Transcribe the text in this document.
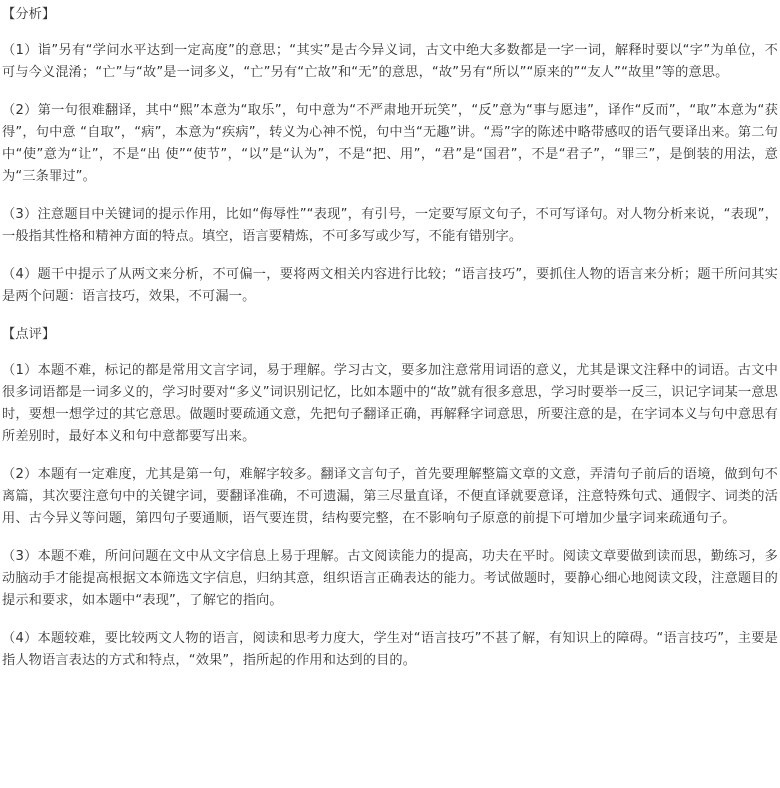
【分析】

（1）诣”另有“学问水平达到一定高度”的意思；“其实”是古今异义词，古文中绝大多数都是一字一词，解释时要以“字”为单位，不可与今义混淆；“亡”与“故”是一词多义，“亡”另有“亡故”和“无”的意思，“故”另有“所以”“原来的”“友人”“故里”等的意思。

（2）第一句很难翻译，其中“熙”本意为“取乐”，句中意为“不严肃地开玩笑”，“反”意为“事与愿违”，译作“反而”，“取”本意为“获得”，句中意 “自取”，“病”，本意为“疾病”，转义为心神不悦，句中当“无趣”讲。“焉”字的陈述中略带感叹的语气要译出来。第二句中“使”意为“让”，不是“出 使”“使节”，“以”是“认为”，不是“把、用”，“君”是“国君”，不是“君子”，“罪三”，是倒装的用法，意为“三条罪过”。

（3）注意题目中关键词的提示作用，比如“侮辱性”“表现”，有引号，一定要写原文句子，不可写译句。对人物分析来说，“表现”，一般指其性格和精神方面的特点。填空，语言要精炼，不可多写或少写，不能有错别字。

（4）题干中提示了从两文来分析，不可偏一，要将两文相关内容进行比较；“语言技巧”，要抓住人物的语言来分析；题干所问其实是两个问题：语言技巧，效果，不可漏一。

【点评】

（1）本题不难，标记的都是常用文言字词，易于理解。学习古文，要多加注意常用词语的意义，尤其是课文注释中的词语。古文中很多词语都是一词多义的，学习时要对“多义”词识别记忆，比如本题中的“故”就有很多意思，学习时要举一反三，识记字词某一意思时，要想一想学过的其它意思。做题时要疏通文意，先把句子翻译正确，再解释字词意思，所要注意的是，在字词本义与句中意思有所差别时，最好本义和句中意都要写出来。

（2）本题有一定难度，尤其是第一句，难解字较多。翻译文言句子，首先要理解整篇文章的文意，弄清句子前后的语境，做到句不离篇，其次要注意句中的关键字词，要翻译准确，不可遗漏，第三尽量直译，不便直译就要意译，注意特殊句式、通假字、词类的活用、古今异义等问题，第四句子要通顺，语气要连贯，结构要完整，在不影响句子原意的前提下可增加少量字词来疏通句子。

（3）本题不难，所问问题在文中从文字信息上易于理解。古文阅读能力的提高，功夫在平时。阅读文章要做到读而思，勤练习，多动脑动手才能提高根据文本筛选文字信息，归纳其意，组织语言正确表达的能力。考试做题时，要静心细心地阅读文段，注意题目的提示和要求，如本题中“表现”，了解它的指向。

（4）本题较难，要比较两文人物的语言，阅读和思考力度大，学生对“语言技巧”不甚了解，有知识上的障碍。“语言技巧”，主要是指人物语言表达的方式和特点，“效果”，指所起的作用和达到的目的。
